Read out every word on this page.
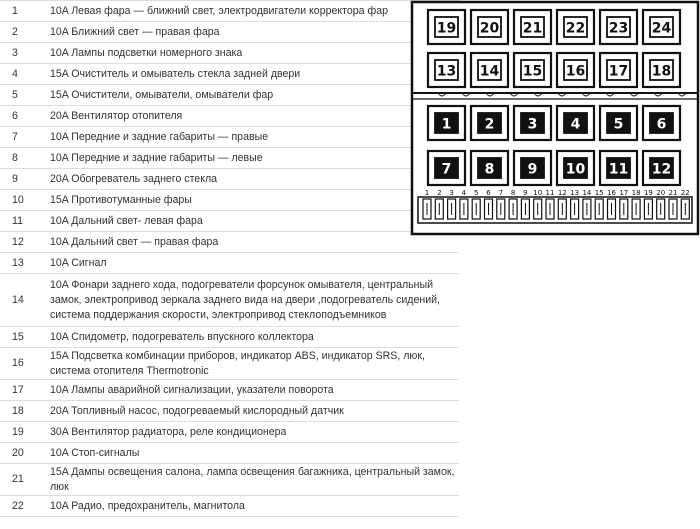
1	10A Левая фара — ближний свет, электродвигатели корректора фар
2	10A Ближний свет — правая фара
3	10A Лампы подсветки номерного знака
4	15A Очиститель и омыватель стекла задней двери
5	15A Очистители, омыватели, омыватели фар
6	20A Вентилятор отопителя
7	10A Передние и задние габариты — правые
8	10A Передние и задние габариты — левые
9	20A Обогреватель заднего стекла
10	15A Противотуманные фары
11	10A Дальний свет- левая фара
12	10A Дальний свет — правая фара
13	10A Сигнал
14	10A Фонари заднего хода, подогреватели форсунок омывателя, центральный замок, электропривод зеркала заднего вида на двери ,подогреватель сидений, система поддержания скорости, электропривод стеклоподъемников
15	10A Спидометр, подогреватель впускного коллектора
16	15A Подсветка комбинации приборов, индикатор ABS, индикатор SRS, люк, система отопителя Thermotronic
17	10A Лампы аварийной сигнализации, указатели поворота
18	20A Топливный насос, подогреваемый кислородный датчик
19	30A Вентилятор радиатора, реле кондиционера
20	10A Стоп-сигналы
21	15A Дампы освещения салона, лампа освещения багажника, центральный замок, люк
22	10A Радио, предохранитель, магнитола
19 20 21 22 23 24
13 14 15 16 17 18
1 2 3 4 5 6
7 8 9 10 11 12
1 2 3 4 5 6 7 8 9 10 11 12 13 14 15 16 17 18 19 20 21 22
